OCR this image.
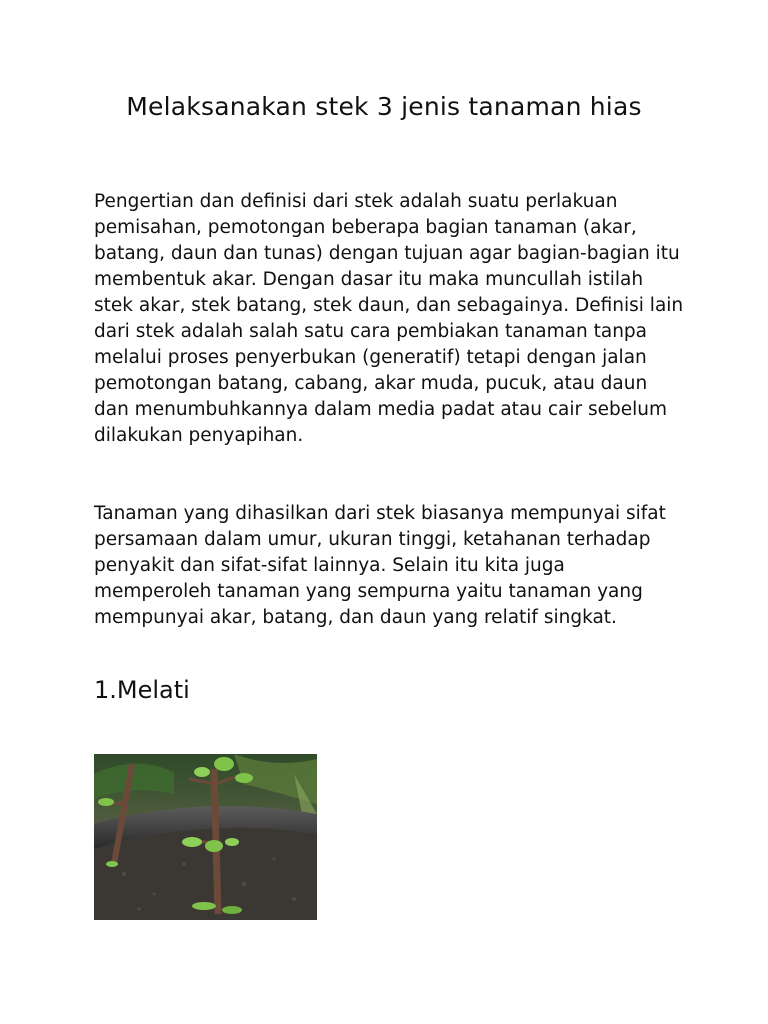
Melaksanakan stek 3 jenis tanaman hias

Pengertian dan definisi dari stek adalah suatu perlakuan pemisahan, pemotongan beberapa bagian tanaman (akar, batang, daun dan tunas) dengan tujuan agar bagian-bagian itu membentuk akar. Dengan dasar itu maka muncullah istilah stek akar, stek batang, stek daun, dan sebagainya. Definisi lain dari stek adalah salah satu cara pembiakan tanaman tanpa melalui proses penyerbukan (generatif) tetapi dengan jalan pemotongan batang, cabang, akar muda, pucuk, atau daun dan menumbuhkannya dalam media padat atau cair sebelum dilakukan penyapihan.

Tanaman yang dihasilkan dari stek biasanya mempunyai sifat persamaan dalam umur, ukuran tinggi, ketahanan terhadap penyakit dan sifat-sifat lainnya. Selain itu kita juga memperoleh tanaman yang sempurna yaitu tanaman yang mempunyai akar, batang, dan daun yang relatif singkat.

1.Melati
